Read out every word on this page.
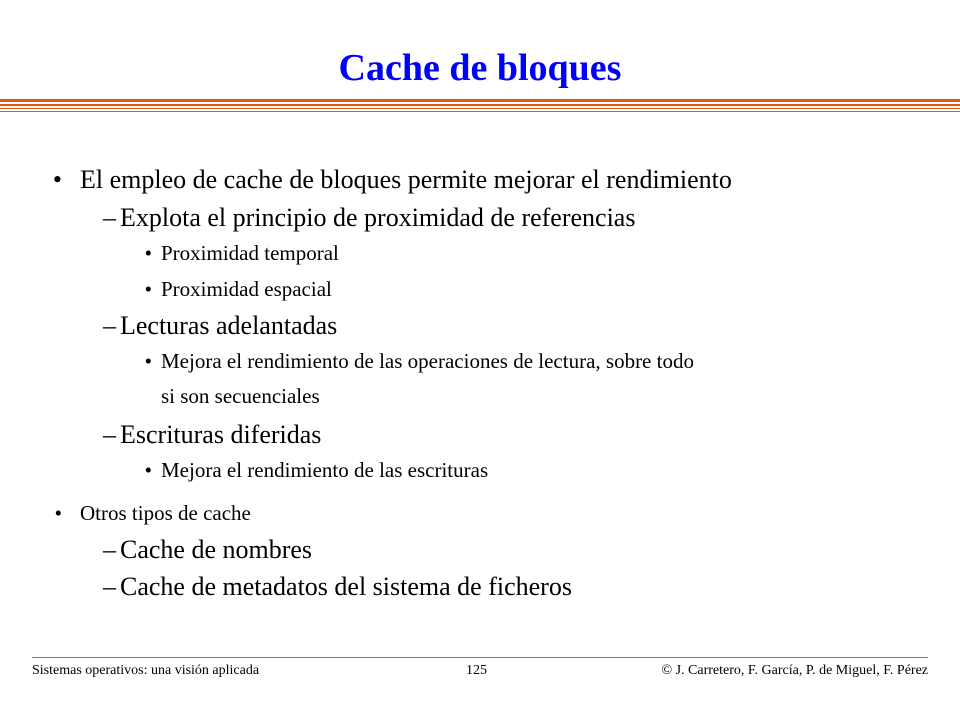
Cache de bloques
• El empleo de cache de bloques permite mejorar el rendimiento
– Explota el principio de proximidad de referencias
• Proximidad temporal
• Proximidad espacial
– Lecturas adelantadas
• Mejora el rendimiento de las operaciones de lectura, sobre todo
si son secuenciales
– Escrituras diferidas
• Mejora el rendimiento de las escrituras
• Otros tipos de cache
– Cache de nombres
– Cache de metadatos del sistema de ficheros
Sistemas operativos: una visión aplicada	125	© J. Carretero, F. García, P. de Miguel, F. Pérez
